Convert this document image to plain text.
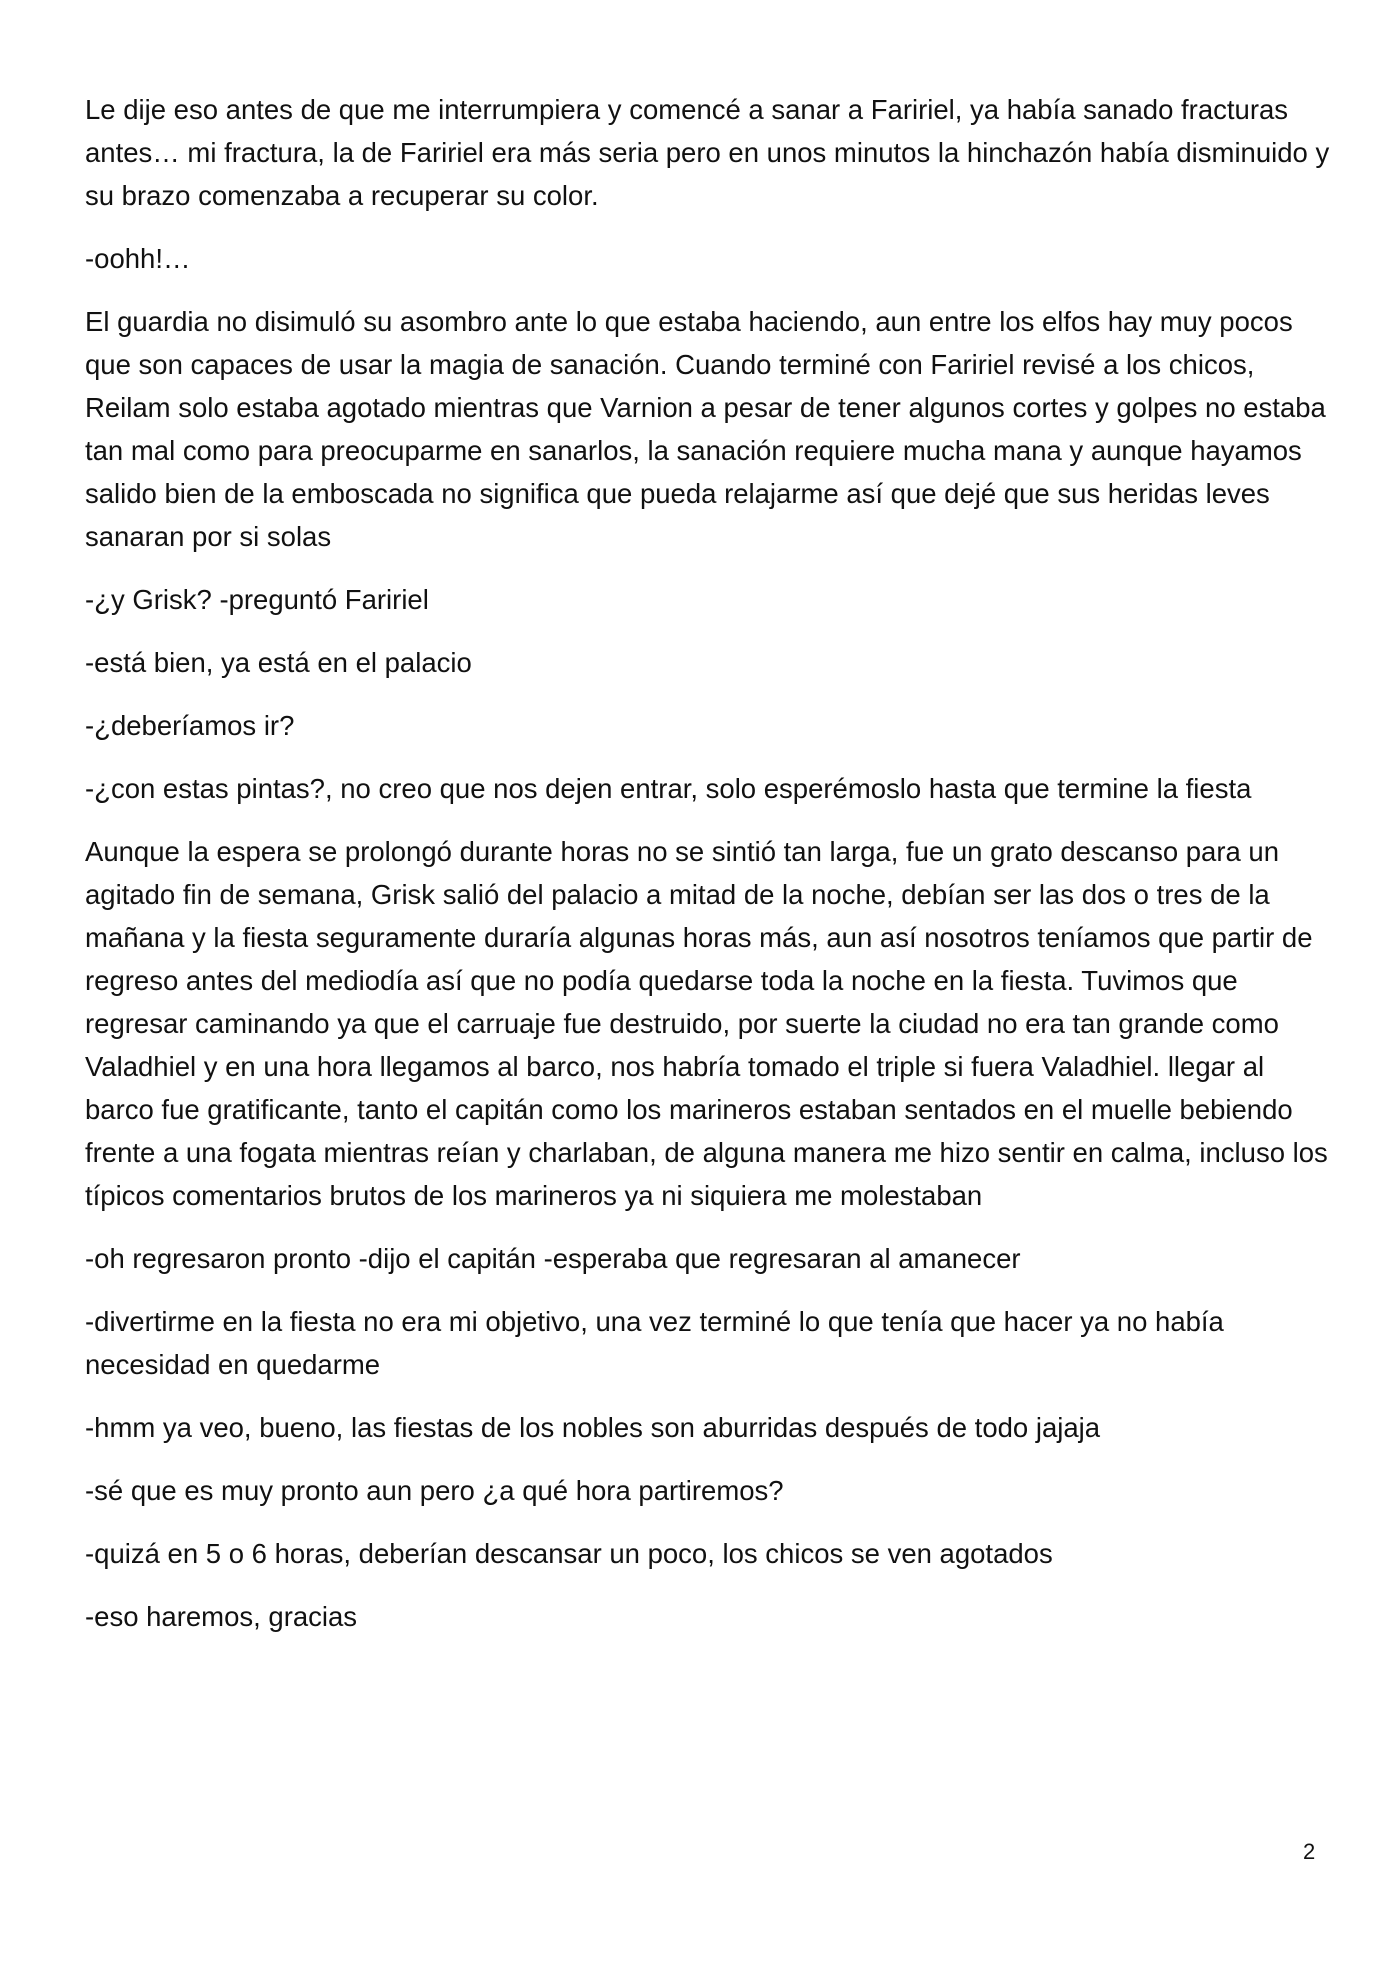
Le dije eso antes de que me interrumpiera y comencé a sanar a Faririel, ya había sanado fracturas antes… mi fractura, la de Faririel era más seria pero en unos minutos la hinchazón había disminuido y su brazo comenzaba a recuperar su color.

-oohh!…

El guardia no disimuló su asombro ante lo que estaba haciendo, aun entre los elfos hay muy pocos que son capaces de usar la magia de sanación. Cuando terminé con Faririel revisé a los chicos, Reilam solo estaba agotado mientras que Varnion a pesar de tener algunos cortes y golpes no estaba tan mal como para preocuparme en sanarlos, la sanación requiere mucha mana y aunque hayamos salido bien de la emboscada no significa que pueda relajarme así que dejé que sus heridas leves sanaran por si solas

-¿y Grisk? -preguntó Faririel

-está bien, ya está en el palacio

-¿deberíamos ir?

-¿con estas pintas?, no creo que nos dejen entrar, solo esperémoslo hasta que termine la fiesta

Aunque la espera se prolongó durante horas no se sintió tan larga, fue un grato descanso para un agitado fin de semana, Grisk salió del palacio a mitad de la noche, debían ser las dos o tres de la mañana y la fiesta seguramente duraría algunas horas más, aun así nosotros teníamos que partir de regreso antes del mediodía así que no podía quedarse toda la noche en la fiesta. Tuvimos que regresar caminando ya que el carruaje fue destruido, por suerte la ciudad no era tan grande como Valadhiel y en una hora llegamos al barco, nos habría tomado el triple si fuera Valadhiel. llegar al barco fue gratificante, tanto el capitán como los marineros estaban sentados en el muelle bebiendo frente a una fogata mientras reían y charlaban, de alguna manera me hizo sentir en calma, incluso los típicos comentarios brutos de los marineros ya ni siquiera me molestaban

-oh regresaron pronto -dijo el capitán -esperaba que regresaran al amanecer

-divertirme en la fiesta no era mi objetivo, una vez terminé lo que tenía que hacer ya no había necesidad en quedarme

-hmm ya veo, bueno, las fiestas de los nobles son aburridas después de todo jajaja

-sé que es muy pronto aun pero ¿a qué hora partiremos?

-quizá en 5 o 6 horas, deberían descansar un poco, los chicos se ven agotados

-eso haremos, gracias

2
